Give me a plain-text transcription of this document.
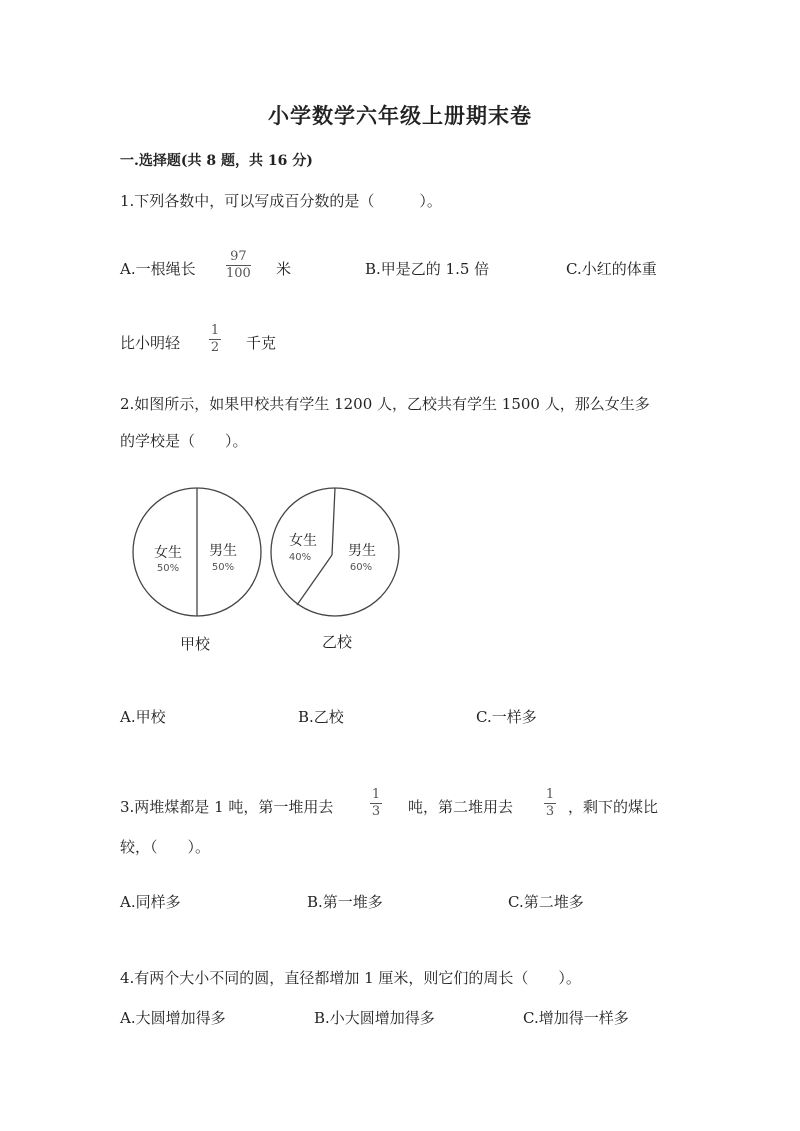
小学数学六年级上册期末卷
一.选择题(共 8 题，共 16 分)
1.下列各数中，可以写成百分数的是（　　　）。
A.一根绳长
97
100 米	B.甲是乙的 1.5 倍	C.小红的体重
比小明轻
1
2 千克
2.如图所示，如果甲校共有学生 1200 人，乙校共有学生 1500 人，那么女生多
的学校是（　　）。
女生
50%
男生
50%
甲校
女生
40%	男生
60%
乙校
A.甲校	B.乙校	C.一样多
3.两堆煤都是 1 吨，第一堆用去
1
3 吨，第二堆用去
1
3 ，剩下的煤比
较，（　　）。
A.同样多	B.第一堆多	C.第二堆多
4.有两个大小不同的圆，直径都增加 1 厘米，则它们的周长（　　）。
A.大圆增加得多	B.小大圆增加得多	C.增加得一样多
